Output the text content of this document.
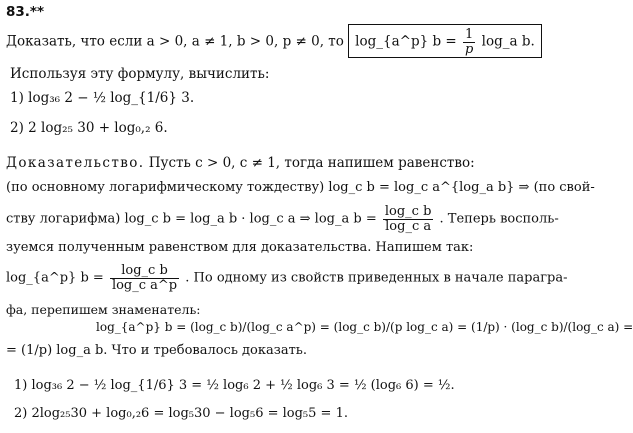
83.**
Доказать, что если a > 0, a ≠ 1, b > 0, p ≠ 0, то log_{a^p} $b = \frac{1}{p}$ log_a b.
Используя эту формулу, вычислить:
1) log₃₆ 2 − ½ log_{1/6} 3.
2) 2 log₂₅ 30 + log₀,₂ 6.
Доказательство. Пусть c > 0, c ≠ 1, тогда напишем равенство:
(по основному логарифмическому тождеству) log_c b = log_c a^{log_a b} ⇒ (по свой-
ству логарифма) log_c b = log_a b · log_c a ⇒ log_a $b = \frac{\text{log\_c b}}{\text{log\_c a}}$ . Теперь восполь-
зуемся полученным равенством для доказательства. Напишем так:
log_{a^p} $b = \frac{\text{log\_c b}}{\text{log\_c a\textasciicircum{}p}}$ . По одному из свойств приведенных в начале парагра-
фа, перепишем знаменатель:
log_{a^p} b = (log_c b)/(log_c a^p) = (log_c b)/(p log_c a) = (1/p) · (log_c b)/(log_c a) =
= (1/p) log_a b. Что и требовалось доказать.
1) log₃₆ 2 − ½ log_{1/6} 3 = ½ log₆ 2 + ½ log₆ 3 = ½ (log₆ 6) = ½.
2) 2log₂₅30 + log₀,₂6 = log₅30 − log₅6 = log₅5 = 1.
